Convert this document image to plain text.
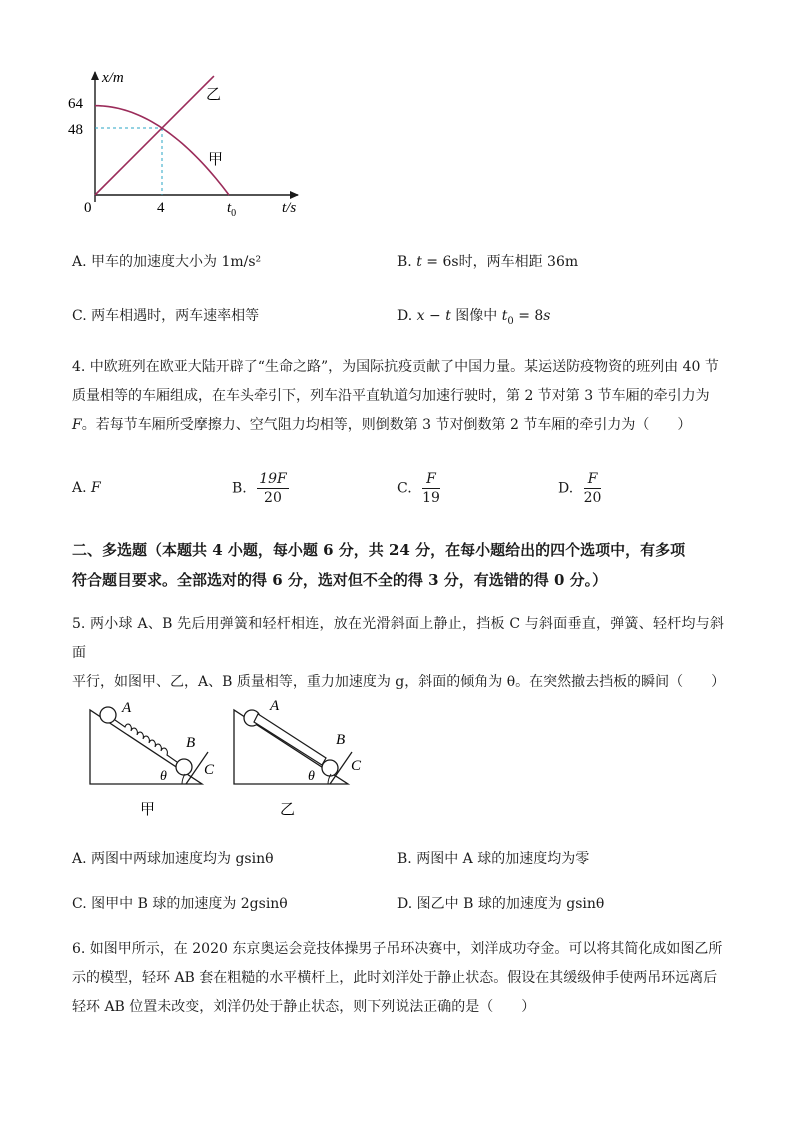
x/m
64
48
0	4	$t_0$	t/s
乙
甲
A. 甲车的加速度大小为 1m/s²	B. t = 6s时，两车相距 36m
C. 两车相遇时，两车速率相等	D. x − t 图像中 $t_0 = 8s$
4. 中欧班列在欧亚大陆开辟了“生命之路”，为国际抗疫贡献了中国力量。某运送防疫物资的班列由 40 节
质量相等的车厢组成，在车头牵引下，列车沿平直轨道匀加速行驶时，第 2 节对第 3 节车厢的牵引力为
F。若每节车厢所受摩擦力、空气阻力均相等，则倒数第 3 节对倒数第 2 节车厢的牵引力为（　　）
A. F	B. $\frac{19F}{20}$	C. $\frac{F}{19}$	D. $\frac{F}{20}$
二、多选题（本题共 4 小题，每小题 6 分，共 24 分，在每小题给出的四个选项中，有多项
符合题目要求。全部选对的得 6 分，选对但不全的得 3 分，有选错的得 0 分。）
5. 两小球 A、B 先后用弹簧和轻杆相连，放在光滑斜面上静止，挡板 C 与斜面垂直，弹簧、轻杆均与斜面
平行，如图甲、乙，A、B 质量相等，重力加速度为 g，斜面的倾角为 θ。在突然撤去挡板的瞬间（　　）
A
B
C
θ
甲
A
B
C
θ
乙
A. 两图中两球加速度均为 gsinθ	B. 两图中 A 球的加速度均为零
C. 图甲中 B 球的加速度为 2gsinθ	D. 图乙中 B 球的加速度为 gsinθ
6. 如图甲所示，在 2020 东京奥运会竞技体操男子吊环决赛中，刘洋成功夺金。可以将其简化成如图乙所
示的模型，轻环 AB 套在粗糙的水平横杆上，此时刘洋处于静止状态。假设在其缓级伸手使两吊环远离后
轻环 AB 位置未改变，刘洋仍处于静止状态，则下列说法正确的是（　　）
